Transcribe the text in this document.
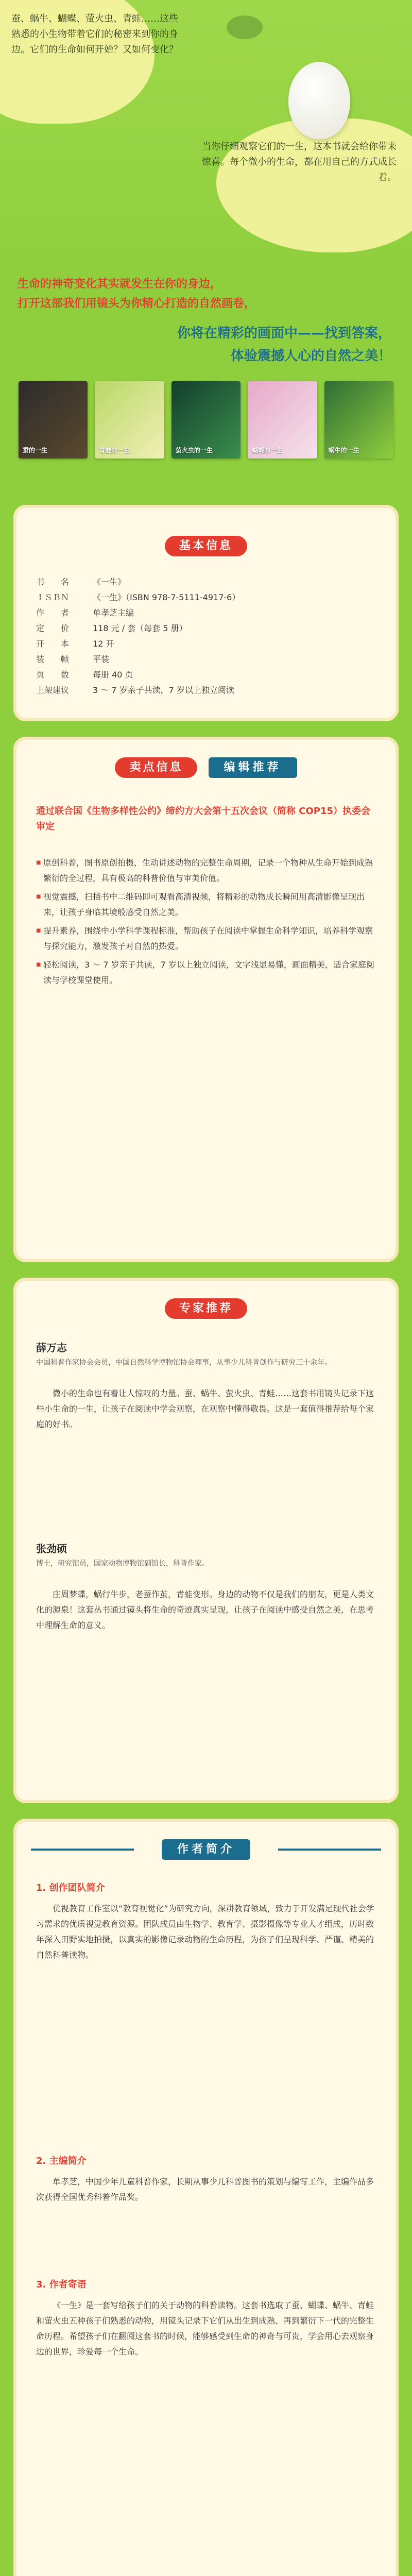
蚕、蜗牛、蝴蝶、萤火虫、青蛙……这些熟悉的小生物带着它们的秘密来到你的身边。它们的生命如何开始？又如何变化？
当你仔细观察它们的一生，这本书就会给你带来惊喜。每个微小的生命，都在用自己的方式成长着。
生命的神奇变化其实就发生在你的身边，
打开这部我们用镜头为你精心打造的自然画卷，
你将在精彩的画面中——找到答案，
体验震撼人心的自然之美！
蚕的一生	青蛙的一生	萤火虫的一生	蝴蝶的一生	蜗牛的一生
基本信息
书　　名	《一生》
ＩＳＢＮ	《一生》（ISBN 978-7-5111-4917-6）
作　　者	单孝芝主编
定　　价	118 元 / 套（每套 5 册）
开　　本	12 开
装　　帧	平装
页　　数	每册 40 页
上架建议	3 ～ 7 岁亲子共读，7 岁以上独立阅读
卖点信息	编辑推荐
通过联合国《生物多样性公约》缔约方大会第十五次会议（简称 COP15）执委会审定
■ 原创科普，图书原创拍摄，生动讲述动物的完整生命周期，记录一个物种从生命开始到成熟繁衍的全过程，具有极高的科普价值与审美价值。
■ 视觉震撼，扫描书中二维码即可观看高清视频，将精彩的动物成长瞬间用高清影像呈现出来，让孩子身临其境般感受自然之美。
■ 提升素养，围绕中小学科学课程标准，帮助孩子在阅读中掌握生命科学知识，培养科学观察与探究能力，激发孩子对自然的热爱。
■ 轻松阅读，3 ～ 7 岁亲子共读，7 岁以上独立阅读，文字浅显易懂，画面精美，适合家庭阅读与学校课堂使用。
专家推荐
薛万志
中国科普作家协会会员，中国自然科学博物馆协会理事，从事少儿科普创作与研究三十余年。
微小的生命也有着让人惊叹的力量。蚕、蜗牛、萤火虫、青蛙……这套书用镜头记录下这些小生命的一生，让孩子在阅读中学会观察，在观察中懂得敬畏。这是一套值得推荐给每个家庭的好书。
张劲硕
博士，研究馆员，国家动物博物馆副馆长，科普作家。
庄周梦蝶，蜗行牛步，老蚕作茧，青蛙变形。身边的动物不仅是我们的朋友，更是人类文化的源泉！这套丛书通过镜头将生命的奇迹真实呈现，让孩子在阅读中感受自然之美，在思考中理解生命的意义。
作者简介
1. 创作团队简介
优视教育工作室以“教育视觉化”为研究方向，深耕教育领域，致力于开发满足现代社会学习需求的优质视觉教育资源。团队成员由生物学、教育学、摄影摄像等专业人才组成，历时数年深入田野实地拍摄，以真实的影像记录动物的生命历程，为孩子们呈现科学、严谨、精美的自然科普读物。
2. 主编简介
单孝芝，中国少年儿童科普作家，长期从事少儿科普图书的策划与编写工作，主编作品多次获得全国优秀科普作品奖。
3. 作者寄语
《一生》是一套写给孩子们的关于动物的科普读物。这套书选取了蚕、蝴蝶、蜗牛、青蛙和萤火虫五种孩子们熟悉的动物，用镜头记录下它们从出生到成熟、再到繁衍下一代的完整生命历程。希望孩子们在翻阅这套书的时候，能够感受到生命的神奇与可贵，学会用心去观察身边的世界，珍爱每一个生命。
